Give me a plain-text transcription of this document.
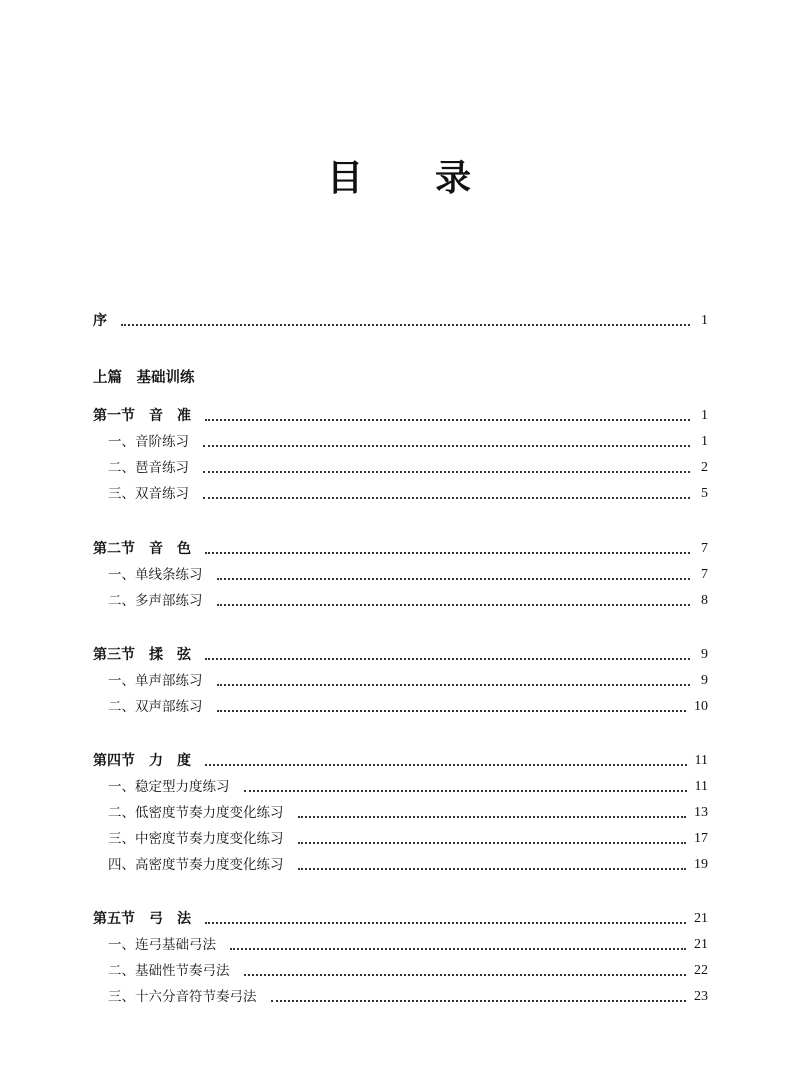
目 录
序	1
上篇　基础训练
第一节　音　准	1
一、音阶练习	1
二、琶音练习	2
三、双音练习	5
第二节　音　色	7
一、单线条练习	7
二、多声部练习	8
第三节　揉　弦	9
一、单声部练习	9
二、双声部练习	10
第四节　力　度	11
一、稳定型力度练习	11
二、低密度节奏力度变化练习	13
三、中密度节奏力度变化练习	17
四、高密度节奏力度变化练习	19
第五节　弓　法	21
一、连弓基础弓法	21
二、基础性节奏弓法	22
三、十六分音符节奏弓法	23
